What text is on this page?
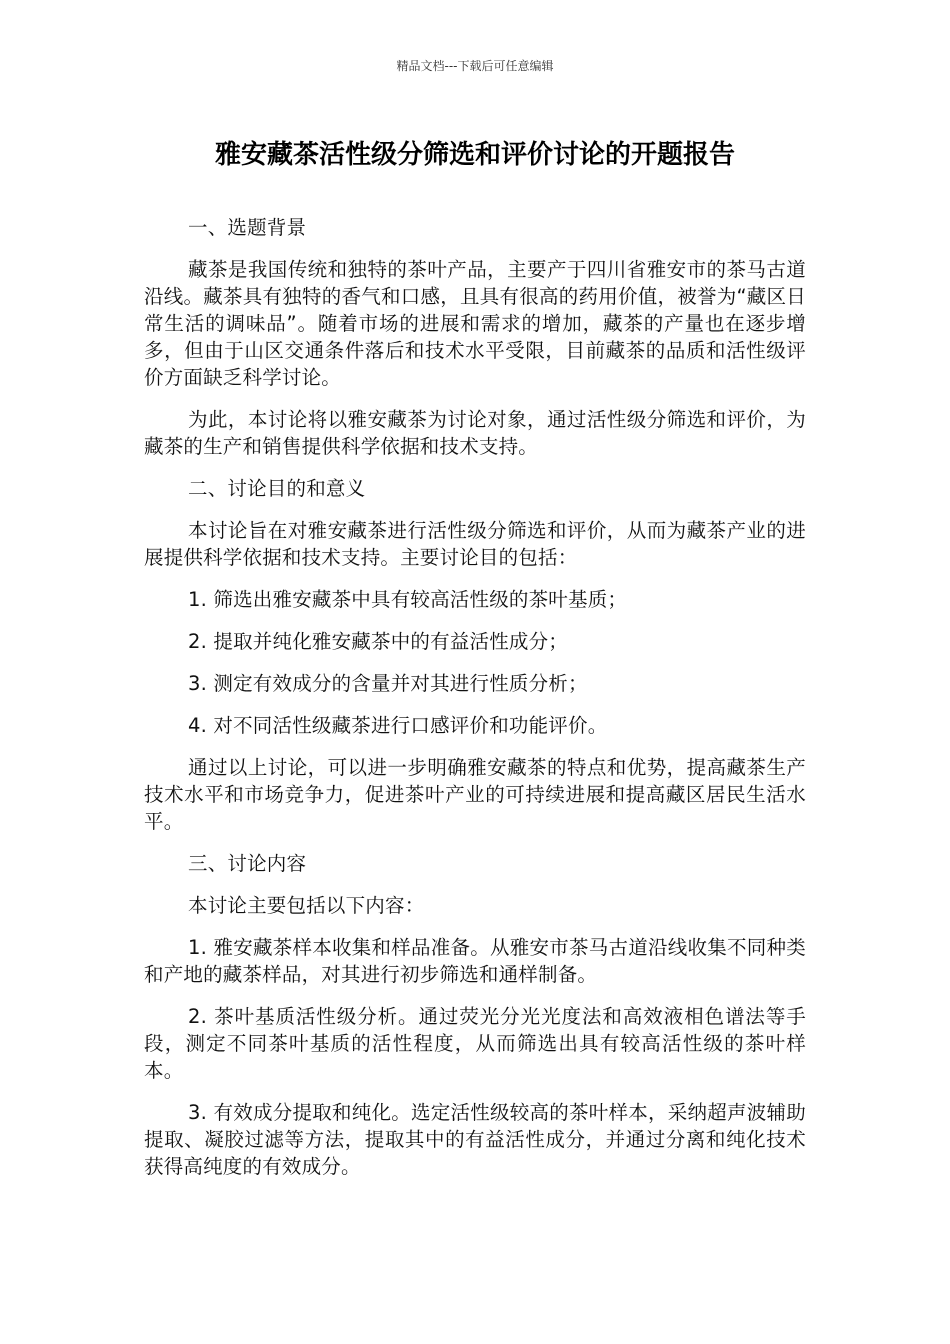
精品文档---下载后可任意编辑
雅安藏茶活性级分筛选和评价讨论的开题报告

一、选题背景

藏茶是我国传统和独特的茶叶产品，主要产于四川省雅安市的茶马古道沿线。藏茶具有独特的香气和口感，且具有很高的药用价值，被誉为“藏区日常生活的调味品”。随着市场的进展和需求的增加，藏茶的产量也在逐步增多，但由于山区交通条件落后和技术水平受限，目前藏茶的品质和活性级评价方面缺乏科学讨论。

为此，本讨论将以雅安藏茶为讨论对象，通过活性级分筛选和评价，为藏茶的生产和销售提供科学依据和技术支持。

二、讨论目的和意义

本讨论旨在对雅安藏茶进行活性级分筛选和评价，从而为藏茶产业的进展提供科学依据和技术支持。主要讨论目的包括：

1. 筛选出雅安藏茶中具有较高活性级的茶叶基质；

2. 提取并纯化雅安藏茶中的有益活性成分；

3. 测定有效成分的含量并对其进行性质分析；

4. 对不同活性级藏茶进行口感评价和功能评价。

通过以上讨论，可以进一步明确雅安藏茶的特点和优势，提高藏茶生产技术水平和市场竞争力，促进茶叶产业的可持续进展和提高藏区居民生活水平。

三、讨论内容

本讨论主要包括以下内容：

1. 雅安藏茶样本收集和样品准备。从雅安市茶马古道沿线收集不同种类和产地的藏茶样品，对其进行初步筛选和通样制备。

2. 茶叶基质活性级分析。通过荧光分光光度法和高效液相色谱法等手段，测定不同茶叶基质的活性程度，从而筛选出具有较高活性级的茶叶样本。

3. 有效成分提取和纯化。选定活性级较高的茶叶样本，采纳超声波辅助提取、凝胶过滤等方法，提取其中的有益活性成分，并通过分离和纯化技术获得高纯度的有效成分。
